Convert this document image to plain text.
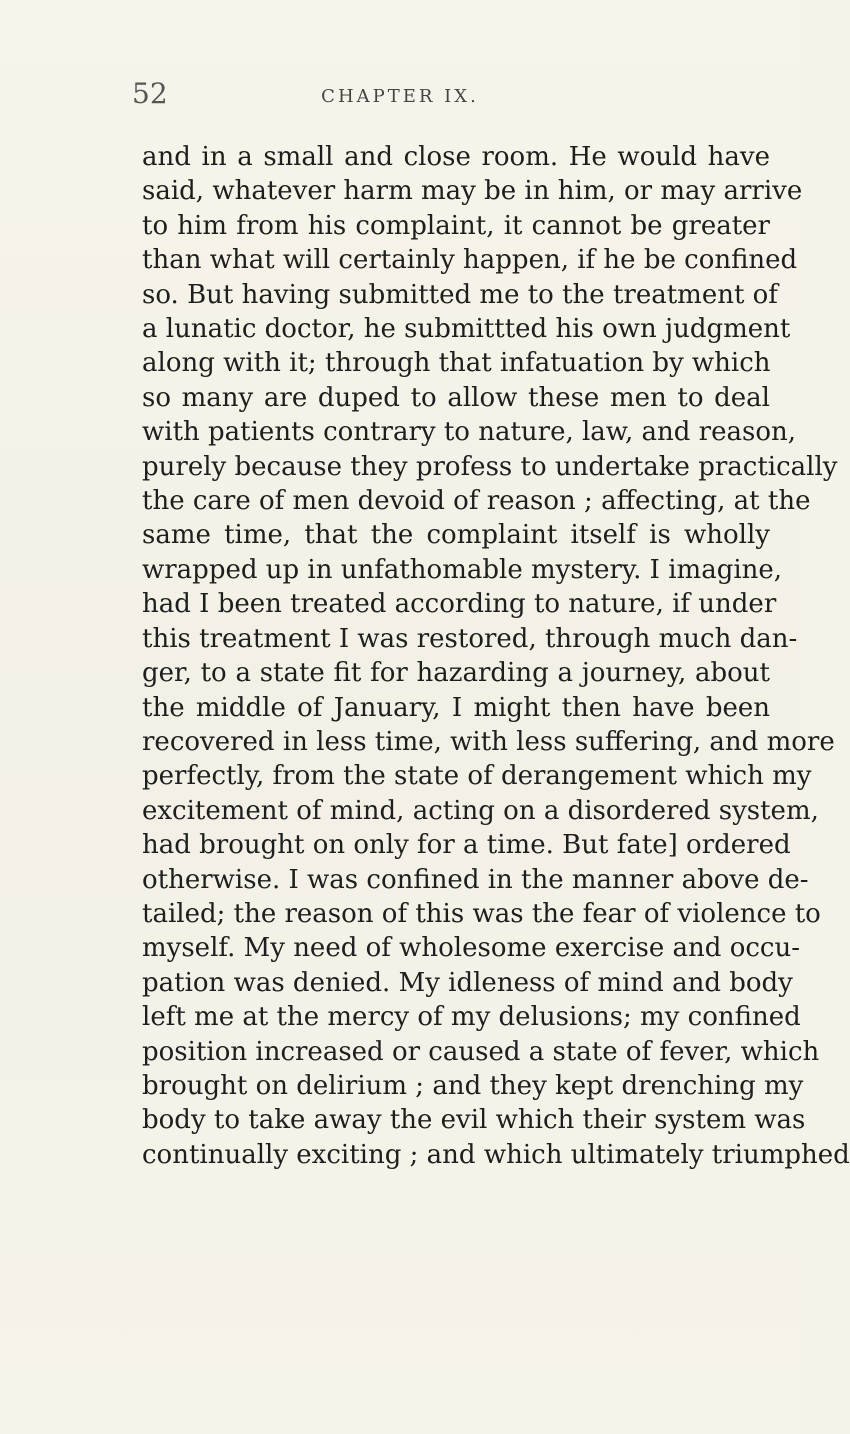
52	CHAPTER IX.
and in a small and close room. He would have
said, whatever harm may be in him, or may arrive
to him from his complaint, it cannot be greater
than what will certainly happen, if he be confined
so. But having submitted me to the treatment of
a lunatic doctor, he submittted his own judgment
along with it; through that infatuation by which
so many are duped to allow these men to deal
with patients contrary to nature, law, and reason,
purely because they profess to undertake practically
the care of men devoid of reason ; affecting, at the
same time, that the complaint itself is wholly
wrapped up in unfathomable mystery. I imagine,
had I been treated according to nature, if under
this treatment I was restored, through much dan-
ger, to a state fit for hazarding a journey, about
the middle of January, I might then have been
recovered in less time, with less suffering, and more
perfectly, from the state of derangement which my
excitement of mind, acting on a disordered system,
had brought on only for a time. But fate] ordered
otherwise. I was confined in the manner above de-
tailed; the reason of this was the fear of violence to
myself. My need of wholesome exercise and occu-
pation was denied. My idleness of mind and body
left me at the mercy of my delusions; my confined
position increased or caused a state of fever, which
brought on delirium ; and they kept drenching my
body to take away the evil which their system was
continually exciting ; and which ultimately triumphed
